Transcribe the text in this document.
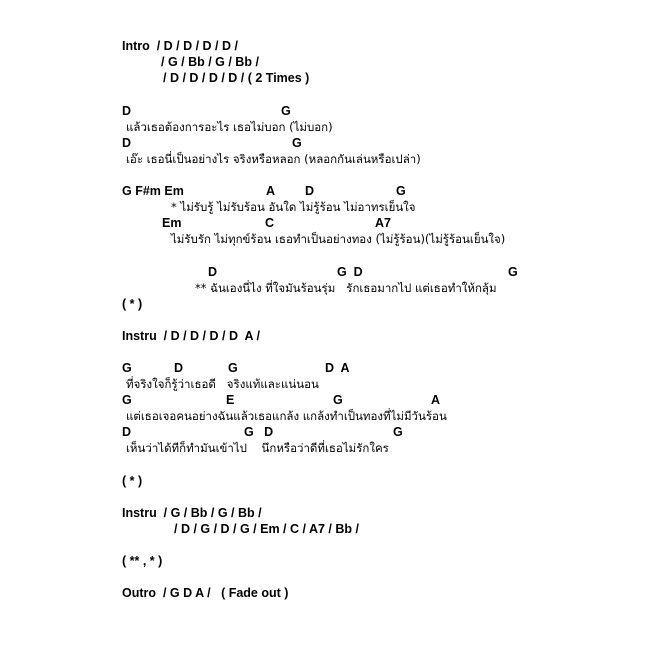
Intro  / D / D / D / D /
/ G / Bb / G / Bb /
/ D / D / D / D / ( 2 Times )
D	G
แล้วเธอต้องการอะไร เธอไม่บอก (ไม่บอก)
D	G
เอ๊ะ เธอนี่เป็นอย่างไร จริงหรือหลอก (หลอกกันเล่นหรือเปล่า)
G F#m Em	A D	G
* ไม่รับรู้ ไม่รับร้อน อันใด ไม่รู้ร้อน ไม่อาทรเย็นใจ
Em	C	A7
ไม่รับรัก ไม่ทุกข์ร้อน เธอทำเป็นอย่างทอง (ไม่รู้ร้อน)(ไม่รู้ร้อนเย็นใจ)
D	G  D	G
** ฉันเองนี่ไง ที่ใจมันร้อนรุ่ม   รักเธอมากไป แต่เธอทำให้กลุ้ม
( * )
Instru  / D / D / D / D  A /
G	D	G	D  A
ที่จริงใจก็รู้ว่าเธอดี   จริงแท้และแน่นอน
G	E	G	A
แต่เธอเจอคนอย่างฉันแล้วเธอแกล้ง แกล้งทำเป็นทองที่ไม่มีวันร้อน
D	G   D	G
เห็นว่าได้ทีก็ทำมันเข้าไป    นึกหรือว่าดีที่เธอไม่รักใคร
( * )
Instru  / G / Bb / G / Bb /
/ D / G / D / G / Em / C / A7 / Bb /
( ** , * )
Outro  / G D A /   ( Fade out )
